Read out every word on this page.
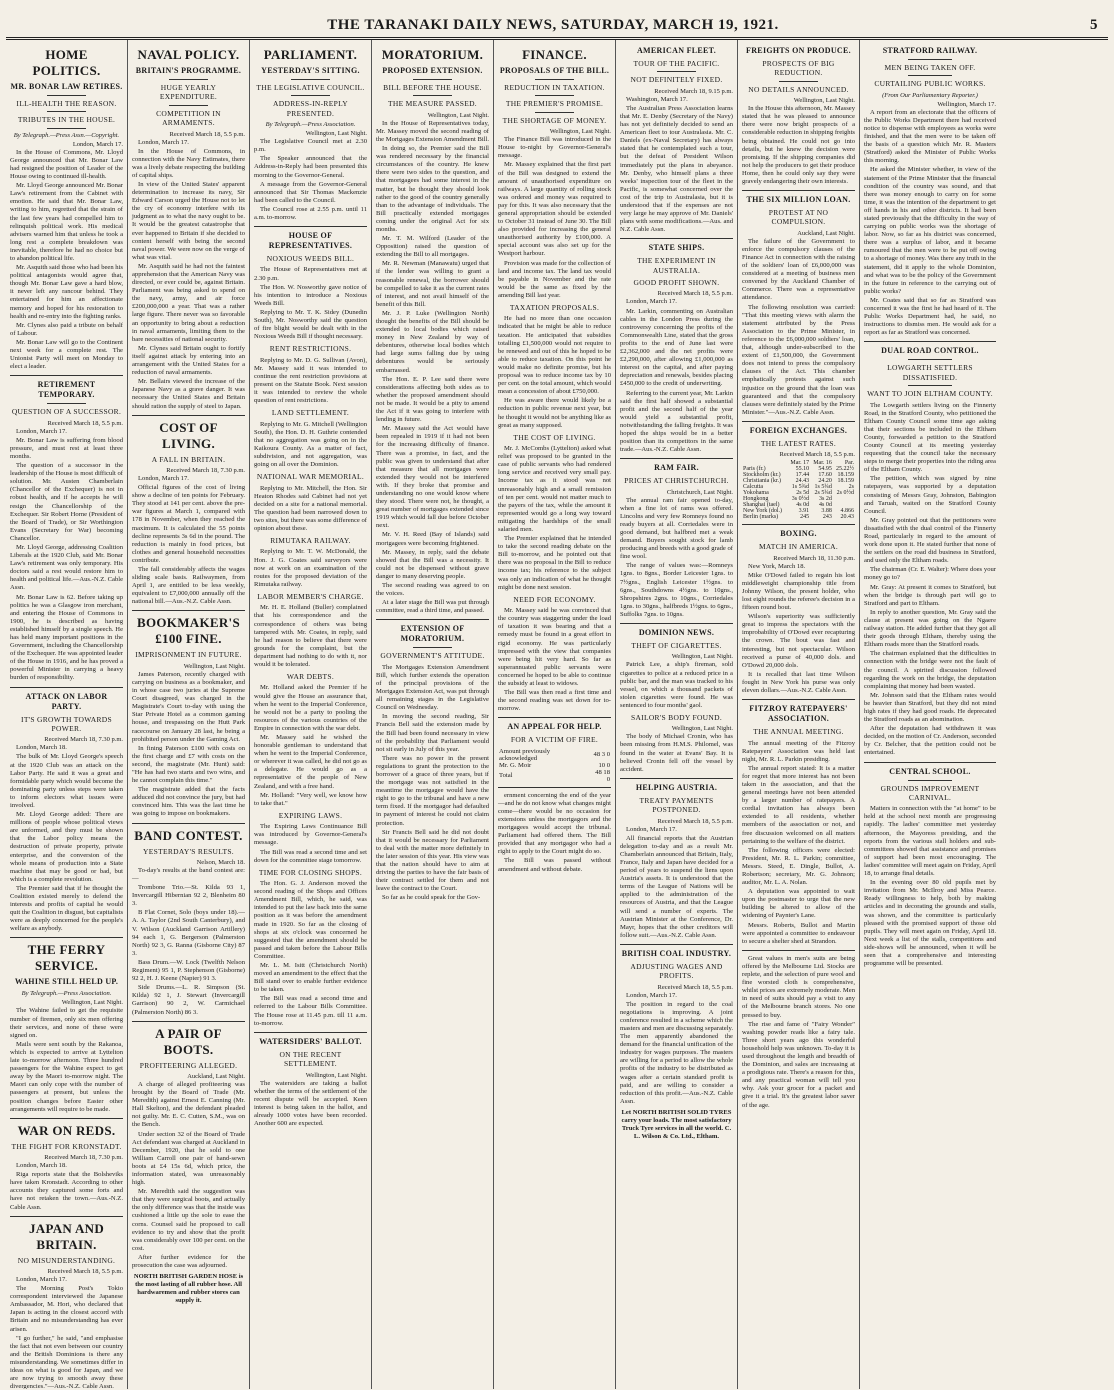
THE TARANAKI DAILY NEWS, SATURDAY, MARCH 19, 1921.	5
HOME POLITICS.
MR. BONAR LAW RETIRES.
ILL-HEALTH THE REASON.
TRIBUTES IN THE HOUSE.
By Telegraph.—Press Assn.—Copyright.
London, March 17.

In the House of Commons, Mr. Lloyd George announced that Mr. Bonar Law had resigned the position of Leader of the House owing to continued ill-health.

Mr. Lloyd George announced Mr. Bonar Law's retirement from the Cabinet with emotion. He said that Mr. Bonar Law, writing to him, regretted that the strain of the last few years had compelled him to relinquish political work. His medical advisers warned him that unless he took a long rest a complete breakdown was inevitable, therefore he had no choice but to abandon political life.

Mr. Asquith said those who had been his political antagonists would agree that, though Mr. Bonar Law gave a hard blow, it never left any rancour behind. They entertained for him an affectionate memory and hoped for his restoration to health and re-entry into the fighting ranks.

Mr. Clynes also paid a tribute on behalf of Labour.

Mr. Bonar Law will go to the Continent next week for a complete rest. The Unionist Party will meet on Monday to elect a leader.

RETIREMENT TEMPORARY.
QUESTION OF A SUCCESSOR.
Received March 18, 5.5 p.m.

London, March 17.

Mr. Bonar Law is suffering from blood pressure, and must rest at least three months.

The question of a successor in the leadership of the House is most difficult of solution. Mr. Austen Chamberlain (Chancellor of the Exchequer) is not in robust health, and if he accepts he will resign the Chancellorship of the Exchequer. Sir Robert Horne (President of the Board of Trade), or Sir Worthington Evans (Secretary for War) becoming Chancellor.

Mr. Lloyd George, addressing Coalition Liberals at the 1920 Club, said Mr. Bonar Law's retirement was only temporary. His doctors said a rest would restore him to health and political life.—Aus.-N.Z. Cable Assn.

Mr. Bonar Law is 62. Before taking up politics he was a Glasgow iron merchant, and entering the House of Commons in 1900, he is described as having established himself by a single speech. He has held many important positions in the Government, including the Chancellorship of the Exchequer. He was appointed leader of the House in 1916, and he has proved a powerful Minister in carrying a heavy burden of responsibility.

ATTACK ON LABOR PARTY.
IT'S GROWTH TOWARDS POWER.
Received March 18, 7.30 p.m.

London, March 18.

The bulk of Mr. Lloyd George's speech at the 1920 Club was an attack on the Labor Party. He said it was a great and formidable party which would become the dominating party unless steps were taken to inform electors what issues were involved.

Mr. Lloyd George added: There are millions of people whose political views are unformed, and they must be shown that the Labor policy means the destruction of private property, private enterprise, and the conversion of the whole means of production into a State machine that may be good or bad, but which is a complete revolution.

The Premier said that if he thought the Coalition existed merely to defend the interests and profits of capital he would quit the Coalition in disgust, but capitalists were as deeply concerned for the people's welfare as anybody.

THE FERRY SERVICE.
WAHINE STILL HELD UP.
By Telegraph.—Press Association.
Wellington, Last Night.

The Wahine failed to get the requisite number of firemen, only six men offering their services, and none of these were signed on.

Mails were sent south by the Rakanoa, which is expected to arrive at Lyttelton late to-morrow afternoon. Three hundred passengers for the Wahine expect to get away by the Maori to-morrow night. The Maori can only cope with the number of passengers at present, but unless the position changes before Easter other arrangements will require to be made.

WAR ON REDS.
THE FIGHT FOR KRONSTADT.
Received March 18, 7.30 p.m.

London, March 18.

Riga reports state that the Bolsheviks have taken Kronstadt. According to other accounts they captured some forts and have not retaken the town.—Aus.-N.Z. Cable Assn.

JAPAN AND BRITAIN.
NO MISUNDERSTANDING.
Received March 18, 5.5 p.m.

London, March 17.

The Morning Post's Tokio correspondent interviewed the Japanese Ambassador, M. Hori, who declared that Japan is acting in the closest accord with Britain and no misunderstanding has ever arisen.

"I go further," he said, "and emphasise the fact that not even between our country and the British Dominions is there any misunderstanding. We sometimes differ in ideas on what is good for Japan, and we are now trying to smooth away these divergencies."—Aus.-N.Z. Cable Assn.

NAVAL POLICY.
BRITAIN'S PROGRAMME.
HUGE YEARLY EXPENDITURE.
COMPETITION IN ARMAMENTS.
Received March 18, 5.5 p.m.

London, March 17.

In the House of Commons, in connection with the Navy Estimates, there was a lively debate respecting the building of capital ships.

In view of the United States' apparent determination to increase its navy, Sir Edward Carson urged the House not to let the cry of economy interfere with its judgment as to what the navy ought to be. It would be the greatest catastrophe that ever happened to Britain if she decided to content herself with being the second naval power. We were now on the verge of what was vital.

Mr. Asquith said he had not the faintest apprehension that the American Navy was directed, or ever could be, against Britain. Parliament was being asked to spend on the navy, army, and air force £200,000,000 a year. That was a rather large figure. There never was so favorable an opportunity to bring about a reduction in naval armaments, limiting them to the bare necessities of national security.

Mr. Clynes said Britain ought to fortify itself against attack by entering into an arrangement with the United States for a reduction of naval armaments.

Mr. Bellairs viewed the increase of the Japanese Navy as a grave danger. It was necessary the United States and Britain should ration the supply of steel to Japan.

COST OF LIVING.
A FALL IN BRITAIN.
Received March 18, 7.30 p.m.

London, March 17.

Official figures of the cost of living show a decline of ten points for February. They stood at 141 per cent. above the pre-war figures at March 1, compared with 178 in November, when they reached the maximum. It is calculated the 55 points decline represents 3s 6d in the pound. The reduction is mainly in food prices, but clothes and general household necessities contribute.

The fall considerably affects the wages sliding scale basis. Railwaymen, from April 1, are entitled to be less weekly, equivalent to £7,000,000 annually off the national bill.—Aus.-N.Z. Cable Assn.

BOOKMAKER'S £100 FINE.
IMPRISONMENT IN FUTURE.
Wellington, Last Night.

James Paterson, recently charged with carrying on business as a bookmaker, and in whose case two juries at the Supreme Court disagreed, was charged in the Magistrate's Court to-day with using the Star Private Hotel as a common gaming house, and trespassing on the Hutt Park racecourse on January 28 last, he being a prohibited person under the Gaming Act.

In fining Paterson £100 with costs on the first charge and £7 with costs on the second, the magistrate (Mr. Hunt) said: "He has had two starts and two wins, and he cannot complain this time."

The magistrate added that the facts adduced did not convince the jury, but had convinced him. This was the last time he was going to impose on bookmakers.

BAND CONTEST.
YESTERDAY'S RESULTS.
Nelson, March 18.

To-day's results at the band contest are:—

Trombone Trio.—St. Kilda 93 1, Invercargill Hibernian 92 2, Blenheim 80 3.

B Flat Cornet, Solo (boys under 18).—A. A. Taylor (2nd South Canterbury), and V. Wilson (Auckland Garrison Artillery) 94 each 1, G. Bergerson (Palmerston North) 92 3, G. Ranna (Gisborne City) 87 3.

Bass Drum.—W. Lock (Twelfth Nelson Regiment) 95 1, P. Stephenson (Gisborne) 92 2, H. J. Keene (Napier) 91 3.

Side Drums.—L. R. Simpson (St. Kilda) 92 1, J. Stewart (Invercargill Garrison) 90 2, W. Carmichael (Palmerston North) 86 3.

A PAIR OF BOOTS.
PROFITEERING ALLEGED.
Auckland, Last Night.

A charge of alleged profiteering was brought by the Board of Trade (Mr. Meredith) against Ernest E. Canning (Mr. Hall Skelton), and the defendant pleaded not guilty. Mr. E. C. Cutten, S.M., was on the Bench.

Under section 32 of the Board of Trade Act defendant was charged at Auckland in December, 1920, that he sold to one William Carroll one pair of hand-sewn boots at £4 15s 6d, which price, the information stated, was unreasonably high.

Mr. Meredith said the suggestion was that they were surgical boots, and actually the only difference was that the inside was cushioned a little up the sole to ease the corns. Counsel said he proposed to call evidence to try and show that the profit was considerably over 100 per cent. on the cost.

After further evidence for the prosecution the case was adjourned.

NORTH BRITISH GARDEN HOSE is the most lasting of all rubber hose. All hardwaremen and rubber stores can supply it.

PARLIAMENT.
YESTERDAY'S SITTING.
THE LEGISLATIVE COUNCIL.
ADDRESS-IN-REPLY PRESENTED.
By Telegraph.—Press Association.
Wellington, Last Night.

The Legislative Council met at 2.30 p.m.

The Speaker announced that the Address-in-Reply had been presented this morning to the Governor-General.

A message from the Governor-General announced that Sir Thomas Mackenzie had been called to the Council.

The Council rose at 2.55 p.m. until 11 a.m. to-morrow.

HOUSE OF REPRESENTATIVES.
NOXIOUS WEEDS BILL.

The House of Representatives met at 2.30 p.m.

The Hon. W. Nosworthy gave notice of his intention to introduce a Noxious Weeds Bill.

Replying to Mr. T. K. Sidey (Dunedin South), Mr. Nosworthy said the question of fire blight would be dealt with in the Noxious Weeds Bill if thought necessary.

RENT RESTRICTIONS.

Replying to Mr. D. G. Sullivan (Avon), Mr. Massey said it was intended to continue the rent restriction provisions at present on the Statute Book. Next session it was intended to review the whole question of rent restrictions.

LAND SETTLEMENT.

Replying to Mr. G. Mitchell (Wellington South), the Hon. D. H. Guthrie contended that no aggregation was going on in the Kaikoura County. As a matter of fact, subdivision, and not aggregation, was going on all over the Dominion.

NATIONAL WAR MEMORIAL.

Replying to Mr. Mitchell, the Hon. Sir Heaton Rhodes said Cabinet had not yet decided on a site for a national memorial. The question had been narrowed down to two sites, but there was some difference of opinion about these.

RIMUTAKA RAILWAY.

Replying to Mr. T. W. McDonald, the Hon. J. G. Coates said surveyors were now at work on an examination of the routes for the proposed deviation of the Rimutaka railway.

LABOR MEMBER'S CHARGE.

Mr. H. E. Holland (Buller) complained that his correspondence and the correspondence of others was being tampered with. Mr. Coates, in reply, said he had reason to believe that there were grounds for the complaint, but the department had nothing to do with it, nor would it be tolerated.

WAR DEBTS.

Mr. Holland asked the Premier if he would give the House an assurance that, when he went to the Imperial Conference, he would not be a party to pooling the resources of the various countries of the Empire in connection with the war debt.

Mr. Massey said he wished the honorable gentleman to understand that when he went to the Imperial Conference, or wherever it was called, he did not go as a delegate. He would go as a representative of the people of New Zealand, and with a free hand.

Mr. Holland: "Very well, we know how to take that."

EXPIRING LAWS.

The Expiring Laws Continuance Bill was introduced by Governor-General's message.

The Bill was read a second time and set down for the committee stage tomorrow.

TIME FOR CLOSING SHOPS.

The Hon. G. J. Anderson moved the second reading of the Shops and Offices Amendment Bill, which, he said, was intended to put the law back into the same position as it was before the amendment made in 1920. So far as the closing of shops at six o'clock was concerned he suggested that the amendment should be passed and taken before the Labour Bills Committee.

Mr. L. M. Isitt (Christchurch North) moved an amendment to the effect that the Bill stand over to enable further evidence to be taken.

The Bill was read a second time and referred to the Labour Bills Committee. The House rose at 11.45 p.m. till 11 a.m. to-morrow.

WATERSIDERS' BALLOT.
ON THE RECENT SETTLEMENT.
Wellington, Last Night.

The watersiders are taking a ballot whether the terms of the settlement of the recent dispute will be accepted. Keen interest is being taken in the ballot, and already 1000 votes have been recorded. Another 600 are expected.

MORATORIUM.
PROPOSED EXTENSION.
BILL BEFORE THE HOUSE.
THE MEASURE PASSED.
Wellington, Last Night.

In the House of Representatives today, Mr. Massey moved the second reading of the Mortgages Extension Amendment Bill.

In doing so, the Premier said the Bill was rendered necessary by the financial circumstances of the country. He knew there were two sides to the question, and that mortgagees had some interest in the matter, but he thought they should look rather to the good of the country generally than to the advantage of individuals. The Bill practically extended mortgages coming under the original Act for six months.

Mr. T. M. Wilford (Leader of the Opposition) raised the question of extending the Bill to all mortgages.

Mr. R. Newman (Manawatu) urged that if the lender was willing to grant a reasonable renewal, the borrower should be compelled to take it as the current rates of interest, and not avail himself of the benefit of this Bill.

Mr. J. P. Luke (Wellington North) thought the benefits of the Bill should be extended to local bodies which raised money in New Zealand by way of debentures, otherwise local bodies which had large sums falling due by using debentures would be seriously embarrassed.

The Hon. E. P. Lee said there were considerations affecting both sides as to whether the proposed amendment should not be made. It would be a pity to amend the Act if it was going to interfere with lending in future.

Mr. Massey said the Act would have been repealed in 1919 if it had not been for the increasing difficulty of finance. There was a promise, in fact, and the public was given to understand that after that measure that all mortgages were extended they would not be interfered with. If they broke that promise and understanding no one would know where they stood. There were not, he thought, a great number of mortgages extended since 1919 which would fall due before October next.

Mr. V. H. Reed (Bay of Islands) said mortgagees were becoming frightened.

Mr. Massey, in reply, said the debate showed that the Bill was a necessity. It could not be dispensed without grave danger to many deserving people.

The second reading was agreed to on the voices.

At a later stage the Bill was put through committee, read a third time, and passed.

EXTENSION OF MORATORIUM.
GOVERNMENT'S ATTITUDE.

The Mortgages Extension Amendment Bill, which further extends the operation of the principal provisions of the Mortgages Extension Act, was put through all remaining stages in the Legislative Council on Wednesday.

In moving the second reading, Sir Francis Bell said the extension made by the Bill had been found necessary in view of the probability that Parliament would not sit early in July of this year.

There was no power in the present regulations to grant the protection to the borrower of a grace of three years, but if the mortgage was not satisfied in the meantime the mortgagee would have the right to go to the tribunal and have a new term fixed. If the mortgagor had defaulted in payment of interest he could not claim protection.

Sir Francis Bell said he did not doubt that it would be necessary for Parliament to deal with the matter more definitely in the later session of this year. His view was that the nation should have to aim at driving the parties to have the fair basis of their contract settled for them and not leave the contract to the Court.

So far as he could speak for the Gov-

FINANCE.
PROPOSALS OF THE BILL.
REDUCTION IN TAXATION.
THE PREMIER'S PROMISE.
THE SHORTAGE OF MONEY.
Wellington, Last Night.

The Finance Bill was introduced in the House to-night by Governor-General's message.

Mr. Massey explained that the first part of the Bill was designed to extend the amount of unauthorised expenditure on railways. A large quantity of rolling stock was ordered and money was required to pay for this. It was also necessary that the general appropriation should be extended to October 31 instead of June 30. The Bill also provided for increasing the general unauthorised authority by £100,000. A special account was also set up for the Westport harbour.

Provision was made for the collection of land and income tax. The land tax would be payable in November and the rate would be the same as fixed by the amending Bill last year.

TAXATION PROPOSALS.

He had no more than one occasion indicated that he might be able to reduce taxation. He anticipated that subsidies totalling £1,500,000 would not require to be renewed and out of this he hoped to be able to reduce taxation. On this point he would make no definite promise, but his proposal was to reduce income tax by 10 per cent. on the total amount, which would mean a concession of about £750,000.

He was aware there would likely be a reduction in public revenue next year, but he thought it would not be anything like as great as many supposed.

THE COST OF LIVING.

Mr. J. McCombs (Lyttelton) asked what relief was proposed to be granted in the case of public servants who had rendered long service and received very small pay. Income tax as it stood was not unreasonably high and a small remission of ten per cent. would not matter much to the payers of the tax, while the amount it represented would go a long way toward mitigating the hardships of the small salaried men.

The Premier explained that he intended to take the second reading debate on the Bill to-morrow, and he pointed out that there was no proposal in the Bill to reduce income tax; his reference to the subject was only an indication of what he thought might be done next session.

NEED FOR ECONOMY.

Mr. Massey said he was convinced that the country was staggering under the load of taxation it was bearing and that a remedy must be found in a great effort in rigid economy. He was particularly impressed with the view that companies were being hit very hard. So far as superannuated public servants were concerned he hoped to be able to continue the subsidy at least to widows.

The Bill was then read a first time and the second reading was set down for to-morrow.

AN APPEAL FOR HELP.
FOR A VICTIM OF FIRE.
Amount previously acknowledged	48 3 0
Mr. G. Moir	10 0
Total	48 18 0

ernment concerning the end of the year —and he do not know what changes might come—there would be no occasion for extensions unless the mortgagors and the mortgagees would accept the tribunal. Parliament had offered them. The Bill provided that any mortgagor who had a right to apply to the Court might do so.

The Bill was passed without amendment and without debate.

AMERICAN FLEET.
TOUR OF THE PACIFIC.
NOT DEFINITELY FIXED.
Received March 18, 9.15 p.m.

Washington, March 17.

The Australian Press Association learns that Mr. E. Denby (Secretary of the Navy) has not yet definitely decided to send an American fleet to tour Australasia. Mr. C. Daniels (ex-Naval Secretary) has always stated that he contemplated such a tour, but the defeat of President Wilson immediately put the plans in abeyance. Mr. Denby, who himself plans a three weeks' inspection tour of the fleet in the Pacific, is somewhat concerned over the cost of the trip to Australasia, but it is understood that if the expenses are not very large he may approve of Mr. Daniels' plans with some modifications.—Aus. and N.Z. Cable Assn.

STATE SHIPS.
THE EXPERIMENT IN AUSTRALIA.
GOOD PROFIT SHOWN.
Received March 18, 5.5 p.m.

London, March 17.

Mr. Larkin, commenting on Australian cables in the London Press during the controversy concerning the profits of the Commonwealth Line, stated that the gross profits to the end of June last were £2,362,000 and the net profits were £2,290,000, after allowing £1,000,000 as interest on the capital, and after paying depreciation and renewals, besides placing £450,000 to the credit of underwriting.

Referring to the current year, Mr. Larkin said the first half showed a substantial profit and the second half of the year would yield a substantial profit, notwithstanding the falling freights. It was hoped the ships would be in a better position than its competitors in the same trade.—Aus.-N.Z. Cable Assn.

RAM FAIR.
PRICES AT CHRISTCHURCH.
Christchurch, Last Night.

The annual ram fair opened to-day, when a fine lot of rams was offered. Lincolns and very few Romneys found no ready buyers at all. Corriedales were in good demand, but halfbred met a weak demand. Buyers sought stock for lamb producing and breeds with a good grade of fine wool.

The range of values was:—Romneys 1gns. to 8gns., Border Leicester 1gns. to 7½gns., English Leicester 1½gns. to 6gns., Southdowns 4½gns. to 10gns., Shropshires 2gns. to 10gns., Corriedales 1gns. to 30gns., halfbreds 1½gns. to 6gns., Suffolks 7gns. to 10gns.

DOMINION NEWS.
THEFT OF CIGARETTES.
Wellington, Last Night.

Patrick Lee, a ship's fireman, sold cigarettes to police at a reduced price in a public bar, and the man was tracked to his vessel, on which a thousand packets of stolen cigarettes were found. He was sentenced to four months' gaol.

SAILOR'S BODY FOUND.
Wellington, Last Night.

The body of Michael Cronin, who has been missing from H.M.S. Philomel, was found in the water at Evans' Bay. It is believed Cronin fell off the vessel by accident.

HELPING AUSTRIA.
TREATY PAYMENTS POSTPONED.
Received March 18, 5.5 p.m.

London, March 17.

All financial reports that the Austrian delegation to-day and as a result Mr. Chamberlain announced that Britain, Italy, France, Italy and Japan have decided for a period of years to suspend the liens upon Austria's assets. It is understood that the terms of the League of Nations will be applied to the administration of the resources of Austria, and that the League will send a number of experts. The Austrian Minister at the Conference, Dr. Mayr, hopes that the other creditors will follow suit.—Aus.-N.Z. Cable Assn.

BRITISH COAL INDUSTRY.
ADJUSTING WAGES AND PROFITS.
Received March 18, 5.5 p.m.

London, March 17.

The position in regard to the coal negotiations is improving. A joint conference resulted in a scheme which the masters and men are discussing separately. The men apparently abandoned the demand for the financial unification of the industry for wages purposes. The masters are willing for a period to allow the whole profits of the industry to be distributed as wages after a certain standard profit is paid, and are willing to consider a reduction of this profit.—Aus.-N.Z. Cable Assn.

Let NORTH BRITISH SOLID TYRES carry your loads. The most satisfactory Truck Tyre services in all the world. C. L. Wilson & Co. Ltd., Eltham.

FREIGHTS ON PRODUCE.
PROSPECTS OF BIG REDUCTION.
NO DETAILS ANNOUNCED.
Wellington, Last Night.

In the House this afternoon, Mr. Massey stated that he was pleased to announce there were now bright prospects of a considerable reduction in shipping freights being obtained. He could not go into details, but he knew the decision were promising. If the shipping companies did not help the producers to get their produce Home, then he could only say they were gravely endangering their own interests.

THE SIX MILLION LOAN.
PROTEST AT NO COMPULSION.
Auckland, Last Night.

The failure of the Government to enforce the compulsory clauses of the Finance Act in connection with the raising of the soldiers' loan of £6,000,000 was considered at a meeting of business men convened by the Auckland Chamber of Commerce. There was a representative attendance.

The following resolution was carried: "That this meeting views with alarm the statement attributed by the Press Association to the Prime Minister, in reference to the £6,000,000 soldiers' loan, that, although under-subscribed to the extent of £1,500,000, the Government does not intend to press the compulsory clauses of the Act. This chamber emphatically protests against such injustice on the ground that the loan was guaranteed and that the compulsory clauses were definitely stated by the Prime Minister."—Aus.-N.Z. Cable Assn.

FOREIGN EXCHANGES.
THE LATEST RATES.
Received March 18, 5.5 p.m.
	Mar. 17	Mar. 16	Par.
Paris (fr.)	55.10	54.95	25.22½
Stockholm (kr.)	17.44	17.60	18.159
Christiania (kr.)	24.43	24.20	18.159
Calcutta	1s 5¾d	1s 5¾d	2s
Yokohama	2s 5d	2s 5¾d	2s 0½d
Hongkong	3s 0½d	3s 2d	
Shanghai (tael)	4s 0d	4s 0d	
New York (dol.)	3.91	3.88	4.866
Berlin (marks)	245	243	20.43
BOXING.
MATCH IN AMERICA.
Received March 18, 11.30 p.m.

New York, March 18.

Mike O'Dowd failed to regain his lost middleweight championship title from Johnny Wilson, the present holder, who lost eight rounds the referee's decision in a fifteen round bout.

Wilson's superiority was sufficiently great to impress the spectators with the improbability of O'Dowd ever recapturing the crown. The bout was fast and interesting, but not spectacular. Wilson received a purse of 40,000 dols. and O'Dowd 20,000 dols.

It is recalled that last time Wilson fought in New York his purse was only eleven dollars.—Aus.-N.Z. Cable Assn.

FITZROY RATEPAYERS' ASSOCIATION.
THE ANNUAL MEETING.

The annual meeting of the Fitzroy Ratepayers' Association was held last night, Mr. R. L. Parkin presiding.

The annual report stated: It is a matter for regret that more interest has not been taken in the association, and that the general meetings have not been attended by a larger number of ratepayers. A cordial invitation has always been extended to all residents, whether members of the association or not, and free discussion welcomed on all matters pertaining to the welfare of the district.

The following officers were elected: President, Mr. R. L. Parkin; committee, Messrs. Steed, E. Dingle, Bullot, A. Robertson; secretary, Mr. G. Johnson; auditor, Mr. L. A. Nolan.

A deputation was appointed to wait upon the postmaster to urge that the new building be altered to allow of the widening of Paynter's Lane.

Messrs. Roberts, Bullot and Martin were appointed a committee to endeavour to secure a shelter shed at Strandon.

Great values in men's suits are being offered by the Melbourne Ltd. Stocks are replete, and the selection of pure wool and fine worsted cloth is comprehensive, whilst prices are extremely moderate. Men in need of suits should pay a visit to any of the Melbourne branch stores. No one pressed to buy.

The rise and fame of "Fairy Wonder" washing powder reads like a fairy tale. Three short years ago this wonderful household help was unknown. To-day it is used throughout the length and breadth of the Dominion, and sales are increasing at a prodigious rate. There's a reason for this, and any practical woman will tell you why. Ask your grocer for a packet and give it a trial. It's the greatest labor saver of the age.

STRATFORD RAILWAY.
MEN BEING TAKEN OFF.
CURTAILING PUBLIC WORKS.
(From Our Parliamentary Reporter.)
Wellington, March 17.

A report from an electorate that the officers of the Public Works Department there had received notice to dispense with employees as works were finished, and that the men were to be taken off the basis of a question which Mr. R. Masters (Stratford) asked the Minister of Public Works this morning.

He asked the Minister whether, in view of the statement of the Prime Minister that the financial condition of the country was sound, and that there was money enough to carry on for some time, it was the intention of the department to get off hands in his and other districts. It had been stated previously that the difficulty in the way of carrying on public works was the shortage of labor. Now, so far as his district was concerned, there was a surplus of labor, and it became rumoured that the men were to be put off owing to a shortage of money. Was there any truth in the statement, did it apply to the whole Dominion, and what was to be the policy of the Government in the future in reference to the carrying out of public works?

Mr. Coates said that so far as Stratford was concerned it was the first he had heard of it. The Public Works Department had, he said, no instructions to dismiss men. He would ask for a report as far as Stratford was concerned.

DUAL ROAD CONTROL.
LOWGARTH SETTLERS DISSATISFIED.
WANT TO JOIN ELTHAM COUNTY.

The Lowgarth settlers living on the Finnerty Road, in the Stratford County, who petitioned the Eltham County Council some time ago asking that their sections be included in the Eltham County, forwarded a petition to the Stratford County Council at its meeting yesterday requesting that the council take the necessary steps to merge their properties into the riding area of the Eltham County.

The petition, which was signed by nine ratepayers, was supported by a deputation consisting of Messrs Gray, Johnston, Babington and Taruah, waited on the Stratford County Council.

Mr. Gray pointed out that the petitioners were dissatisfied with the dual control of the Finnerty Road, particularly in regard to the amount of work done upon it. He stated further that none of the settlers on the road did business in Stratford, and used only the Eltham roads.

The chairman (Cr. E. Walter): Where does your money go to?

Mr. Gray: At present it comes to Stratford, but when the bridge is through part will go to Stratford and part to Eltham.

In reply to another question, Mr. Gray said the clause at present was going on the Ngaere railway station. He added further that they got all their goods through Eltham, thereby using the Eltham roads more than the Stratford roads.

The chairman explained that the difficulties in connection with the bridge were not the fault of the council. A spirited discussion followed regarding the work on the bridge, the deputation complaining that money had been wasted.

Mr. Johnson said that the Eltham rates would be heavier than Stratford, but they did not mind high rates if they had good roads. He deprecated the Stratford roads as an abomination.

After the deputation had withdrawn it was decided, on the motion of Cr. Anderson, seconded by Cr. Belcher, that the petition could not be entertained.

CENTRAL SCHOOL.
GROUNDS IMPROVEMENT CARNIVAL.

Matters in connection with the "at home" to be held at the school next month are progressing rapidly. The ladies' committee met yesterday afternoon, the Mayoress presiding, and the reports from the various stall holders and sub-committees showed that assistance and promises of support had been most encouraging. The ladies' committee will meet again on Friday, April 18, to arrange final details.

In the evening over 80 old pupils met by invitation from Mr. McIlroy and Miss Pearce. Ready willingness to help, both by making articles and in decorating the grounds and stalls, was shown, and the committee is particularly pleased with the promised support of those old pupils. They will meet again on Friday, April 18. Next week a list of the stalls, competitions and side-shows will be announced, when it will be seen that a comprehensive and interesting programme will be presented.
